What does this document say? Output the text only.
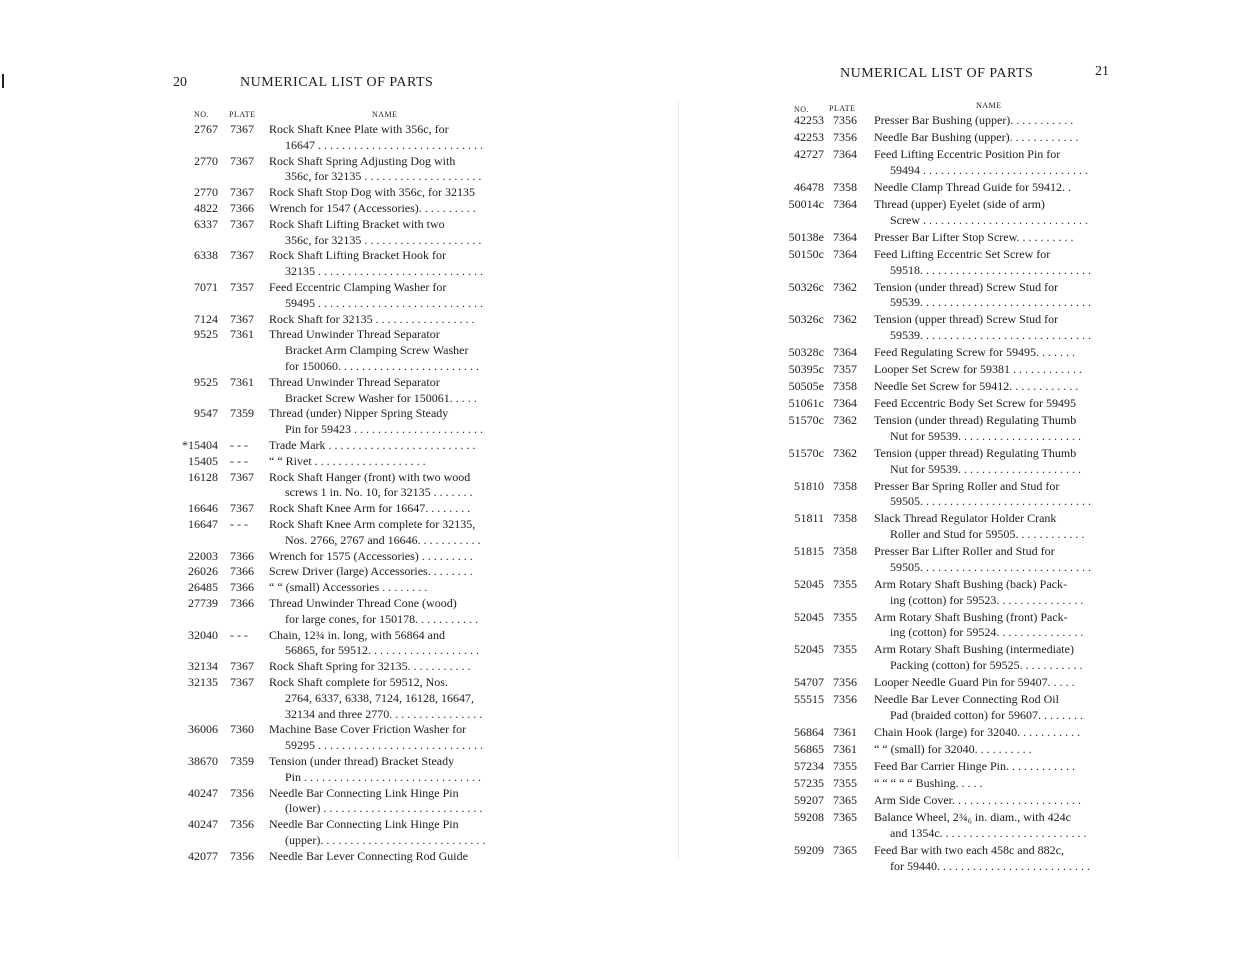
20	NUMERICAL LIST OF PARTS
NO. PLATE	NAME
2767 7367 Rock Shaft Knee Plate with 356c, for
16647 . . . . . . . . . . . . . . . . . . . . . . . . . . . .
2770 7367 Rock Shaft Spring Adjusting Dog with
356c, for 32135 . . . . . . . . . . . . . . . . . . . .
2770 7367 Rock Shaft Stop Dog with 356c, for 32135
4822 7366 Wrench for 1547 (Accessories). . . . . . . . . .
6337 7367 Rock Shaft Lifting Bracket with two
356c, for 32135 . . . . . . . . . . . . . . . . . . . .
6338 7367 Rock Shaft Lifting Bracket Hook for
32135 . . . . . . . . . . . . . . . . . . . . . . . . . . . .
7071 7357 Feed Eccentric Clamping Washer for
59495 . . . . . . . . . . . . . . . . . . . . . . . . . . . .
7124 7367 Rock Shaft for 32135 . . . . . . . . . . . . . . . . .
9525 7361 Thread Unwinder Thread Separator
Bracket Arm Clamping Screw Washer
for 150060. . . . . . . . . . . . . . . . . . . . . . . .
9525 7361 Thread Unwinder Thread Separator
Bracket Screw Washer for 150061. . . . .
9547 7359 Thread (under) Nipper Spring Steady
Pin for 59423 . . . . . . . . . . . . . . . . . . . . . .
*15404 - - - Trade Mark . . . . . . . . . . . . . . . . . . . . . . . . .
15405 - - - “ “ Rivet . . . . . . . . . . . . . . . . . . .
16128 7367 Rock Shaft Hanger (front) with two wood
screws 1 in. No. 10, for 32135 . . . . . . .
16646 7367 Rock Shaft Knee Arm for 16647. . . . . . . .
16647 - - - Rock Shaft Knee Arm complete for 32135,
Nos. 2766, 2767 and 16646. . . . . . . . . . .
22003 7366 Wrench for 1575 (Accessories) . . . . . . . . .
26026 7366 Screw Driver (large) Accessories. . . . . . . .
26485 7366 “ “ (small) Accessories . . . . . . . .
27739 7366 Thread Unwinder Thread Cone (wood)
for large cones, for 150178. . . . . . . . . . .
32040 - - - Chain, 12¾ in. long, with 56864 and
56865, for 59512. . . . . . . . . . . . . . . . . . .
32134 7367 Rock Shaft Spring for 32135. . . . . . . . . . .
32135 7367 Rock Shaft complete for 59512, Nos.
2764, 6337, 6338, 7124, 16128, 16647,
32134 and three 2770. . . . . . . . . . . . . . . .
36006 7360 Machine Base Cover Friction Washer for
59295 . . . . . . . . . . . . . . . . . . . . . . . . . . . .
38670 7359 Tension (under thread) Bracket Steady
Pin . . . . . . . . . . . . . . . . . . . . . . . . . . . . . .
40247 7356 Needle Bar Connecting Link Hinge Pin
(lower) . . . . . . . . . . . . . . . . . . . . . . . . . . .
40247 7356 Needle Bar Connecting Link Hinge Pin
(upper). . . . . . . . . . . . . . . . . . . . . . . . . . . .
42077 7356 Needle Bar Lever Connecting Rod Guide
NUMERICAL LIST OF PARTS	21
NO. PLATE	NAME
42253 7356 Presser Bar Bushing (upper). . . . . . . . . . .
42253 7356 Needle Bar Bushing (upper). . . . . . . . . . . .
42727 7364 Feed Lifting Eccentric Position Pin for
59494 . . . . . . . . . . . . . . . . . . . . . . . . . . . .
46478 7358 Needle Clamp Thread Guide for 59412. .
50014c 7364 Thread (upper) Eyelet (side of arm)
Screw . . . . . . . . . . . . . . . . . . . . . . . . . . . .
50138e 7364 Presser Bar Lifter Stop Screw. . . . . . . . . .
50150c 7364 Feed Lifting Eccentric Set Screw for
59518. . . . . . . . . . . . . . . . . . . . . . . . . . . . .
50326c 7362 Tension (under thread) Screw Stud for
59539. . . . . . . . . . . . . . . . . . . . . . . . . . . . .
50326c 7362 Tension (upper thread) Screw Stud for
59539. . . . . . . . . . . . . . . . . . . . . . . . . . . . .
50328c 7364 Feed Regulating Screw for 59495. . . . . . .
50395c 7357 Looper Set Screw for 59381 . . . . . . . . . . . .
50505e 7358 Needle Set Screw for 59412. . . . . . . . . . . .
51061c 7364 Feed Eccentric Body Set Screw for 59495
51570c 7362 Tension (under thread) Regulating Thumb
Nut for 59539. . . . . . . . . . . . . . . . . . . . .
51570c 7362 Tension (upper thread) Regulating Thumb
Nut for 59539. . . . . . . . . . . . . . . . . . . . .
51810 7358 Presser Bar Spring Roller and Stud for
59505. . . . . . . . . . . . . . . . . . . . . . . . . . . . .
51811 7358 Slack Thread Regulator Holder Crank
Roller and Stud for 59505. . . . . . . . . . . .
51815 7358 Presser Bar Lifter Roller and Stud for
59505. . . . . . . . . . . . . . . . . . . . . . . . . . . . .
52045 7355 Arm Rotary Shaft Bushing (back) Pack-
ing (cotton) for 59523. . . . . . . . . . . . . . .
52045 7355 Arm Rotary Shaft Bushing (front) Pack-
ing (cotton) for 59524. . . . . . . . . . . . . . .
52045 7355 Arm Rotary Shaft Bushing (intermediate)
Packing (cotton) for 59525. . . . . . . . . . .
54707 7356 Looper Needle Guard Pin for 59407. . . . .
55515 7356 Needle Bar Lever Connecting Rod Oil
Pad (braided cotton) for 59607. . . . . . . .
56864 7361 Chain Hook (large) for 32040. . . . . . . . . . .
56865 7361 “ “ (small) for 32040. . . . . . . . . .
57234 7355 Feed Bar Carrier Hinge Pin. . . . . . . . . . . .
57235 7355 “ “ “ “ “ Bushing. . . . .
59207 7365 Arm Side Cover. . . . . . . . . . . . . . . . . . . . . .
59208 7365 Balance Wheel, 2¾₆ in. diam., with 424c
and 1354c. . . . . . . . . . . . . . . . . . . . . . . . .
59209 7365 Feed Bar with two each 458c and 882c,
for 59440. . . . . . . . . . . . . . . . . . . . . . . . . .
